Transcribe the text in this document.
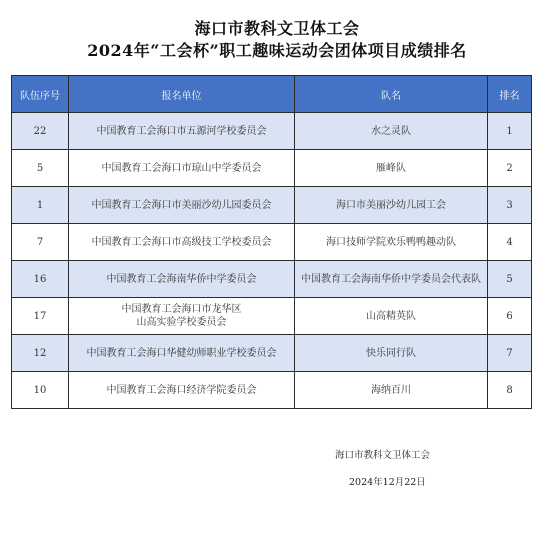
海口市教科文卫体工会
2024年“工会杯”职工趣味运动会团体项目成绩排名
队伍序号	报名单位	队名	排名
22	中国教育工会海口市五源河学校委员会	水之灵队	1
5	中国教育工会海口市琼山中学委员会	雁峰队	2
1	中国教育工会海口市美丽沙幼儿园委员会	海口市美丽沙幼儿园工会	3
7	中国教育工会海口市高级技工学校委员会	海口技师学院欢乐鸭鸭趣动队	4
16	中国教育工会海南华侨中学委员会	中国教育工会海南华侨中学委员会代表队	5
17	中国教育工会海口市龙华区
山高实验学校委员会	山高精英队	6
12	中国教育工会海口华健幼师职业学校委员会	快乐同行队	7
10	中国教育工会海口经济学院委员会	海纳百川	8
海口市教科文卫体工会
2024年12月22日
